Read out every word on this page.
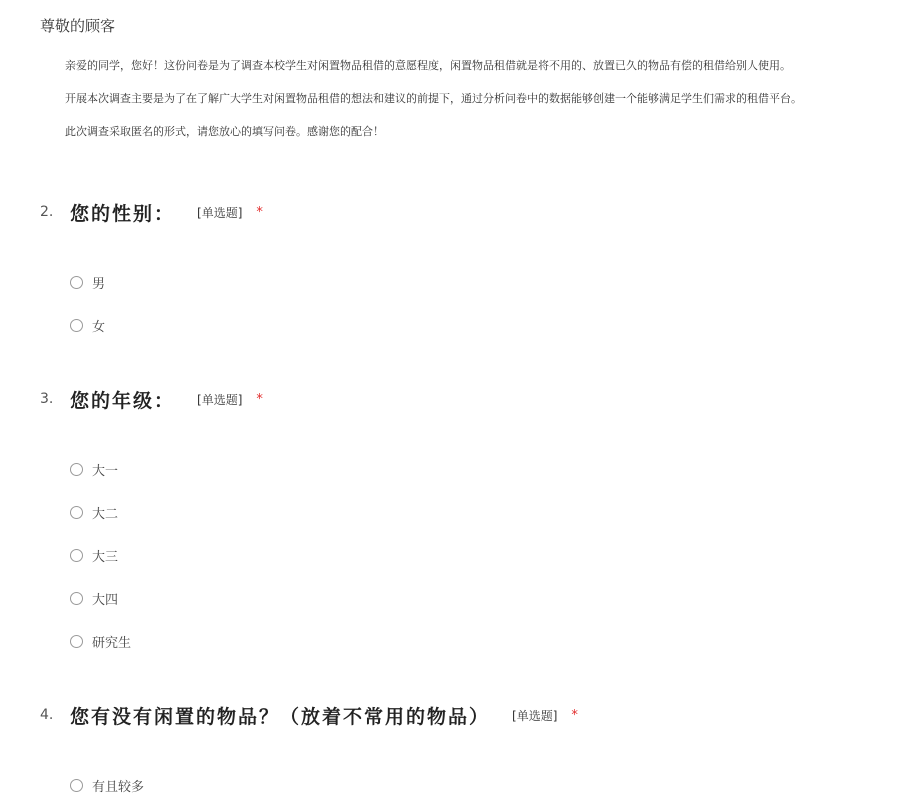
尊敬的顾客
亲爱的同学，您好！这份问卷是为了调查本校学生对闲置物品租借的意愿程度，闲置物品租借就是将不用的、放置已久的物品有偿的租借给别人使用。
开展本次调查主要是为了在了解广大学生对闲置物品租借的想法和建议的前提下，通过分析问卷中的数据能够创建一个能够满足学生们需求的租借平台。
此次调查采取匿名的形式，请您放心的填写问卷。感谢您的配合！
2. 您的性别： [单选题] *
男
女
3. 您的年级： [单选题] *
大一
大二
大三
大四
研究生
4. 您有没有闲置的物品？（放着不常用的物品） [单选题] *
有且较多
